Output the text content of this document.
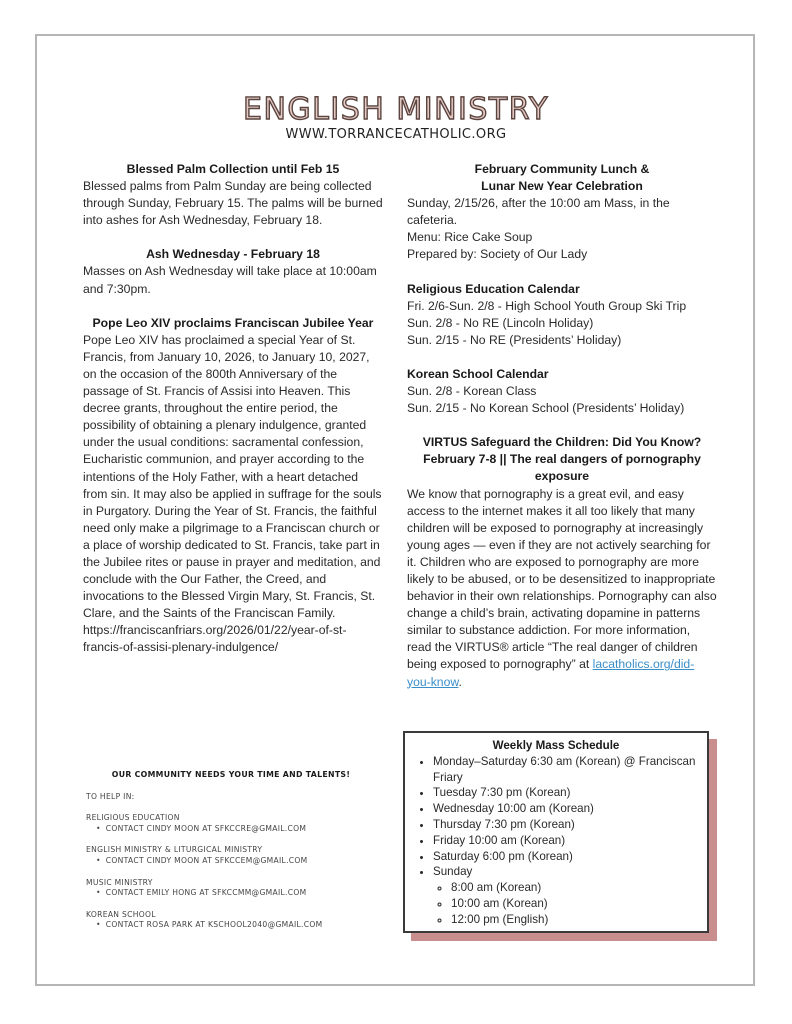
ENGLISH MINISTRY
WWW.TORRANCECATHOLIC.ORG
Blessed Palm Collection until Feb 15

Blessed palms from Palm Sunday are being collected through Sunday, February 15. The palms will be burned into ashes for Ash Wednesday, February 18.

Ash Wednesday - February 18

Masses on Ash Wednesday will take place at 10:00am and 7:30pm.

Pope Leo XIV proclaims Franciscan Jubilee Year

Pope Leo XIV has proclaimed a special Year of St. Francis, from January 10, 2026, to January 10, 2027, on the occasion of the 800th Anniversary of the passage of St. Francis of Assisi into Heaven. This decree grants, throughout the entire period, the possibility of obtaining a plenary indulgence, granted under the usual conditions: sacramental confession, Eucharistic communion, and prayer according to the intentions of the Holy Father, with a heart detached from sin. It may also be applied in suffrage for the souls in Purgatory. During the Year of St. Francis, the faithful need only make a pilgrimage to a Franciscan church or a place of worship dedicated to St. Francis, take part in the Jubilee rites or pause in prayer and meditation, and conclude with the Our Father, the Creed, and invocations to the Blessed Virgin Mary, St. Francis, St. Clare, and the Saints of the Franciscan Family.

https://franciscanfriars.org/2026/01/22/year-of-st-francis-of-assisi-plenary-indulgence/

February Community Lunch &
Lunar New Year Celebration

Sunday, 2/15/26, after the 10:00 am Mass, in the cafeteria.

Menu: Rice Cake Soup

Prepared by: Society of Our Lady

Religious Education Calendar
Fri. 2/6-Sun. 2/8 - High School Youth Group Ski Trip
Sun. 2/8 - No RE (Lincoln Holiday)
Sun. 2/15 - No RE (Presidents’ Holiday)
Korean School Calendar
Sun. 2/8 - Korean Class
Sun. 2/15 - No Korean School (Presidents’ Holiday)
VIRTUS Safeguard the Children: Did You Know?
February 7-8 || The real dangers of pornography exposure

We know that pornography is a great evil, and easy access to the internet makes it all too likely that many children will be exposed to pornography at increasingly young ages — even if they are not actively searching for it. Children who are exposed to pornography are more likely to be abused, or to be desensitized to inappropriate behavior in their own relationships. Pornography can also change a child’s brain, activating dopamine in patterns similar to substance addiction. For more information, read the VIRTUS® article “The real danger of children being exposed to pornography” at lacatholics.org/did-you-know.

OUR COMMUNITY NEEDS YOUR TIME AND TALENTS!
TO HELP IN:
RELIGIOUS EDUCATION
• CONTACT CINDY MOON AT SFKCCRE@GMAIL.COM
ENGLISH MINISTRY & LITURGICAL MINISTRY
• CONTACT CINDY MOON AT SFKCCEM@GMAIL.COM
MUSIC MINISTRY
• CONTACT EMILY HONG AT SFKCCMM@GMAIL.COM
KOREAN SCHOOL
• CONTACT ROSA PARK AT KSCHOOL2040@GMAIL.COM
Weekly Mass Schedule
• Monday–Saturday 6:30 am (Korean) @ Franciscan Friary
• Tuesday 7:30 pm (Korean)
• Wednesday 10:00 am (Korean)
• Thursday 7:30 pm (Korean)
• Friday 10:00 am (Korean)
• Saturday 6:00 pm (Korean)
• Sunday
◦ 8:00 am (Korean)
◦ 10:00 am (Korean)
◦ 12:00 pm (English)
